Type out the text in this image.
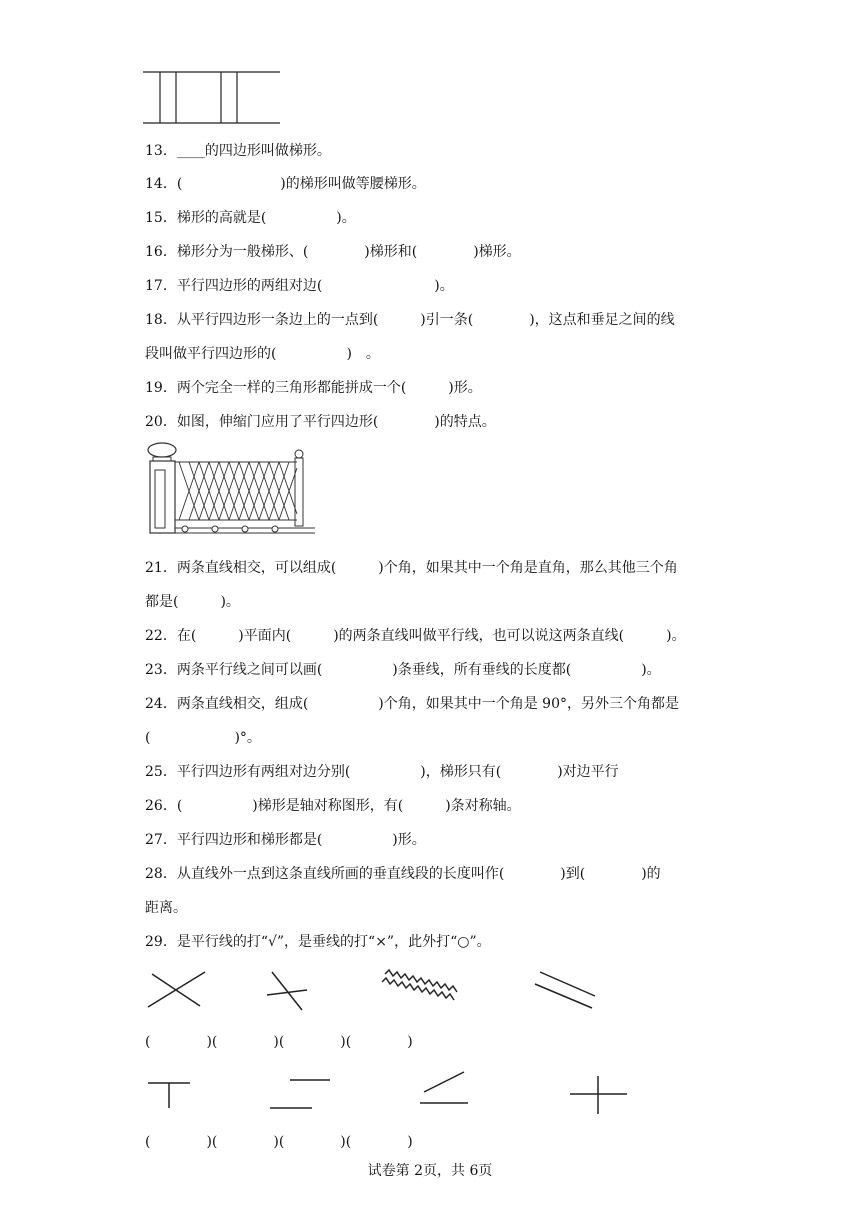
13．____的四边形叫做梯形。
14．(　　　　　　　)的梯形叫做等腰梯形。
15．梯形的高就是(　　　　　)。
16．梯形分为一般梯形、(　　　　)梯形和(　　　　)梯形。
17．平行四边形的两组对边(　　　　　　　　)。
18．从平行四边形一条边上的一点到(　　　)引一条(　　　　)，这点和垂足之间的线
段叫做平行四边形的(　　　　　)　。
19．两个完全一样的三角形都能拼成一个(　　　)形。
20．如图，伸缩门应用了平行四边形(　　　　)的特点。
21．两条直线相交，可以组成(　　　)个角，如果其中一个角是直角，那么其他三个角
都是(　　　)。
22．在(　　　)平面内(　　　)的两条直线叫做平行线，也可以说这两条直线(　　　)。
23．两条平行线之间可以画(　　　　　)条垂线，所有垂线的长度都(　　　　　)。
24．两条直线相交，组成(　　　　　)个角，如果其中一个角是 90°，另外三个角都是
(　　　　　　)°。
25．平行四边形有两组对边分别(　　　　　)，梯形只有(　　　　)对边平行
26．(　　　　　)梯形是轴对称图形，有(　　　)条对称轴。
27．平行四边形和梯形都是(　　　　　)形。
28．从直线外一点到这条直线所画的垂直线段的长度叫作(　　　　)到(　　　　)的
距离。
29．是平行线的打“√”，是垂线的打“×”，此外打“○”。
(　　　　)(　　　　)(　　　　)(　　　　)
(　　　　)(　　　　)(　　　　)(　　　　)
试卷第 2页，共 6页
